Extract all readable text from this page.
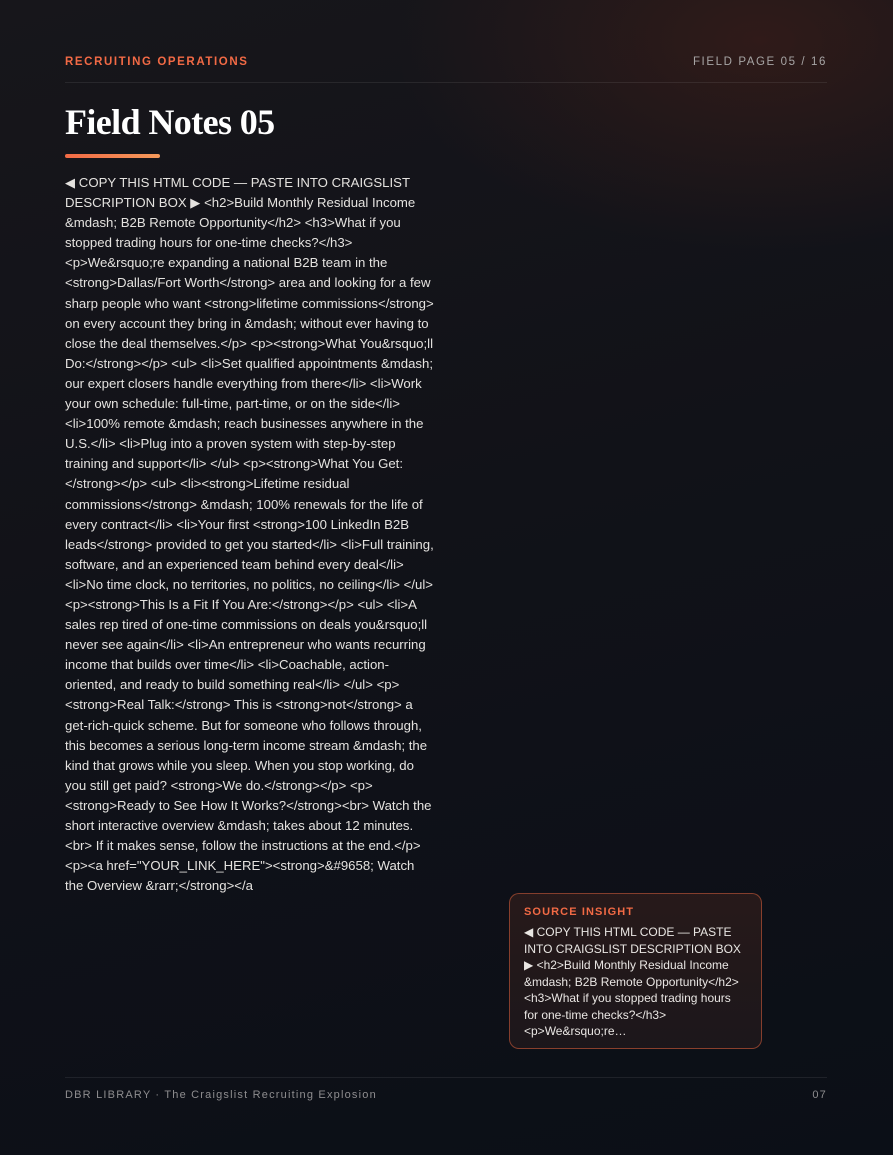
RECRUITING OPERATIONS	FIELD PAGE 05 / 16
Field Notes 05

◀ COPY THIS HTML CODE — PASTE INTO CRAIGSLIST DESCRIPTION BOX ▶ <h2>Build Monthly Residual Income &mdash; B2B Remote Opportunity</h2> <h3>What if you stopped trading hours for one-time checks?</h3> <p>We&rsquo;re expanding a national B2B team in the <strong>Dallas/Fort Worth</strong> area and looking for a few sharp people who want <strong>lifetime commissions</strong> on every account they bring in &mdash; without ever having to close the deal themselves.</p> <p><strong>What You&rsquo;ll Do:</strong></p> <ul> <li>Set qualified appointments &mdash; our expert closers handle everything from there</li> <li>Work your own schedule: full-time, part-time, or on the side</li> <li>100% remote &mdash; reach businesses anywhere in the U.S.</li> <li>Plug into a proven system with step-by-step training and support</li> </ul> <p><strong>What You Get:</strong></p> <ul> <li><strong>Lifetime residual commissions</strong> &mdash; 100% renewals for the life of every contract</li> <li>Your first <strong>100 LinkedIn B2B leads</strong> provided to get you started</li> <li>Full training, software, and an experienced team behind every deal</li> <li>No time clock, no territories, no politics, no ceiling</li> </ul> <p><strong>This Is a Fit If You Are:</strong></p> <ul> <li>A sales rep tired of one-time commissions on deals you&rsquo;ll never see again</li> <li>An entrepreneur who wants recurring income that builds over time</li> <li>Coachable, action-oriented, and ready to build something real</li> </ul> <p><strong>Real Talk:</strong> This is <strong>not</strong> a get-rich-quick scheme. But for someone who follows through, this becomes a serious long-term income stream &mdash; the kind that grows while you sleep. When you stop working, do you still get paid? <strong>We do.</strong></p> <p><strong>Ready to See How It Works?</strong><br> Watch the short interactive overview &mdash; takes about 12 minutes.<br> If it makes sense, follow the instructions at the end.</p> <p><a href="YOUR_LINK_HERE"><strong>&#9658; Watch the Overview &rarr;</strong></a

SOURCE INSIGHT
◀ COPY THIS HTML CODE — PASTE INTO CRAIGSLIST DESCRIPTION BOX ▶ <h2>Build Monthly Residual Income &mdash; B2B Remote Opportunity</h2> <h3>What if you stopped trading hours for one-time checks?</h3> <p>We&rsquo;re…
DBR LIBRARY · The Craigslist Recruiting Explosion	07
